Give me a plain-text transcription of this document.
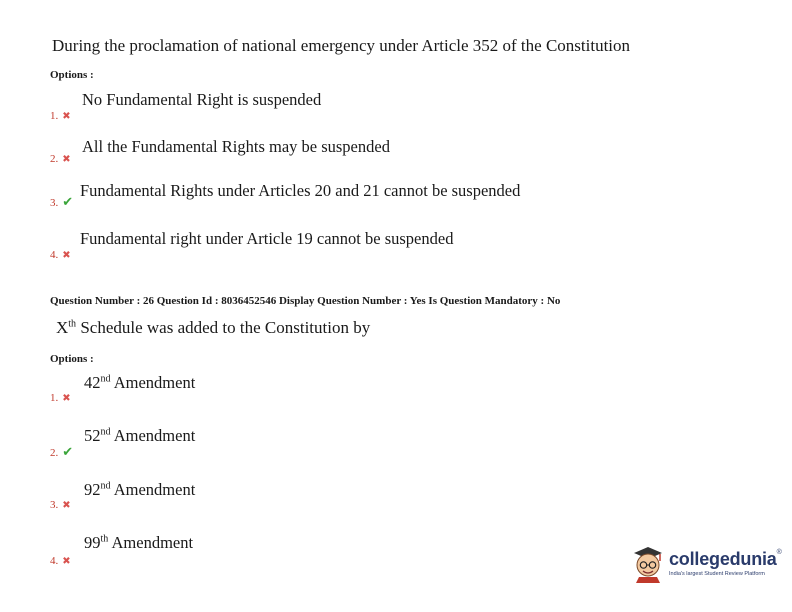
During the proclamation of national emergency under Article 352 of the Constitution
Options :
1. ✖
No Fundamental Right is suspended
2. ✖
All the Fundamental Rights may be suspended
3. ✔
Fundamental Rights under Articles 20 and 21 cannot be suspended
4. ✖
Fundamental right under Article 19 cannot be suspended
Question Number : 26 Question Id : 8036452546 Display Question Number : Yes Is Question Mandatory : No
Xth Schedule was added to the Constitution by
Options :
1. ✖
42nd Amendment
2. ✔
52nd Amendment
3. ✖
92nd Amendment
4. ✖
99th Amendment
collegedunia®
India's largest Student Review Platform
